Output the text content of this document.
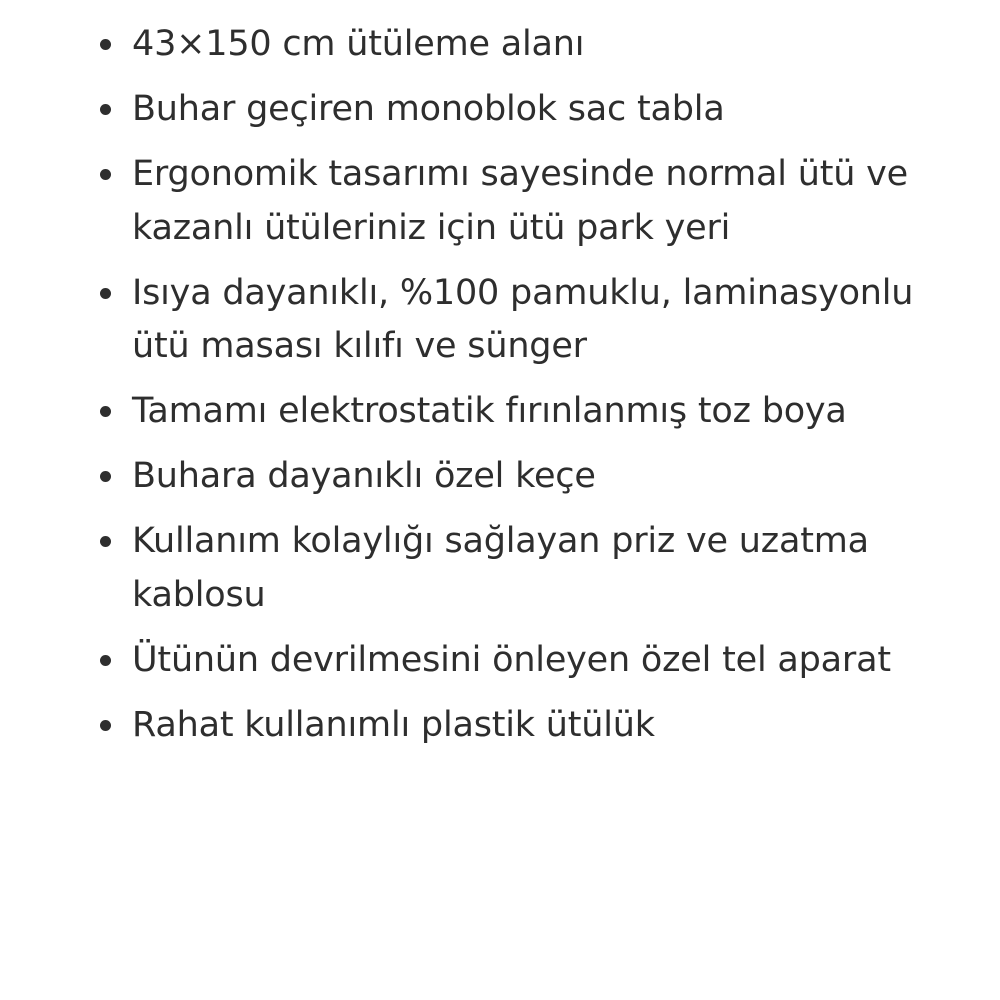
43×150 cm ütüleme alanı
Buhar geçiren monoblok sac tabla
Ergonomik tasarımı sayesinde normal ütü ve kazanlı ütüleriniz için ütü park yeri
Isıya dayanıklı, %100 pamuklu, laminasyonlu ütü masası kılıfı ve sünger
Tamamı elektrostatik fırınlanmış toz boya
Buhara dayanıklı özel keçe
Kullanım kolaylığı sağlayan priz ve uzatma kablosu
Ütünün devrilmesini önleyen özel tel aparat
Rahat kullanımlı plastik ütülük
